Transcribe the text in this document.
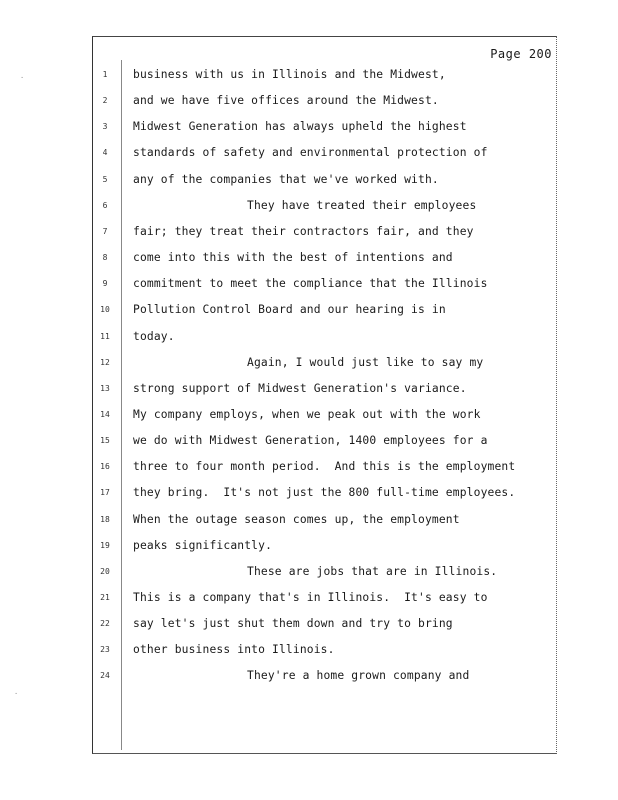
.
·
Page 200
1	business with us in Illinois and the Midwest,
2	and we have five offices around the Midwest.
3	Midwest Generation has always upheld the highest
4	standards of safety and environmental protection of
5	any of the companies that we've worked with.
6	They have treated their employees
7	fair; they treat their contractors fair, and they
8	come into this with the best of intentions and
9	commitment to meet the compliance that the Illinois
10 Pollution Control Board and our hearing is in
11 today.
12	Again, I would just like to say my
13 strong support of Midwest Generation's variance.
14 My company employs, when we peak out with the work
15 we do with Midwest Generation, 1400 employees for a
16 three to four month period.  And this is the employment
17 they bring.  It's not just the 800 full-time employees.
18 When the outage season comes up, the employment
19 peaks significantly.
20	These are jobs that are in Illinois.
21 This is a company that's in Illinois.  It's easy to
22 say let's just shut them down and try to bring
23 other business into Illinois.
24	They're a home grown company and
